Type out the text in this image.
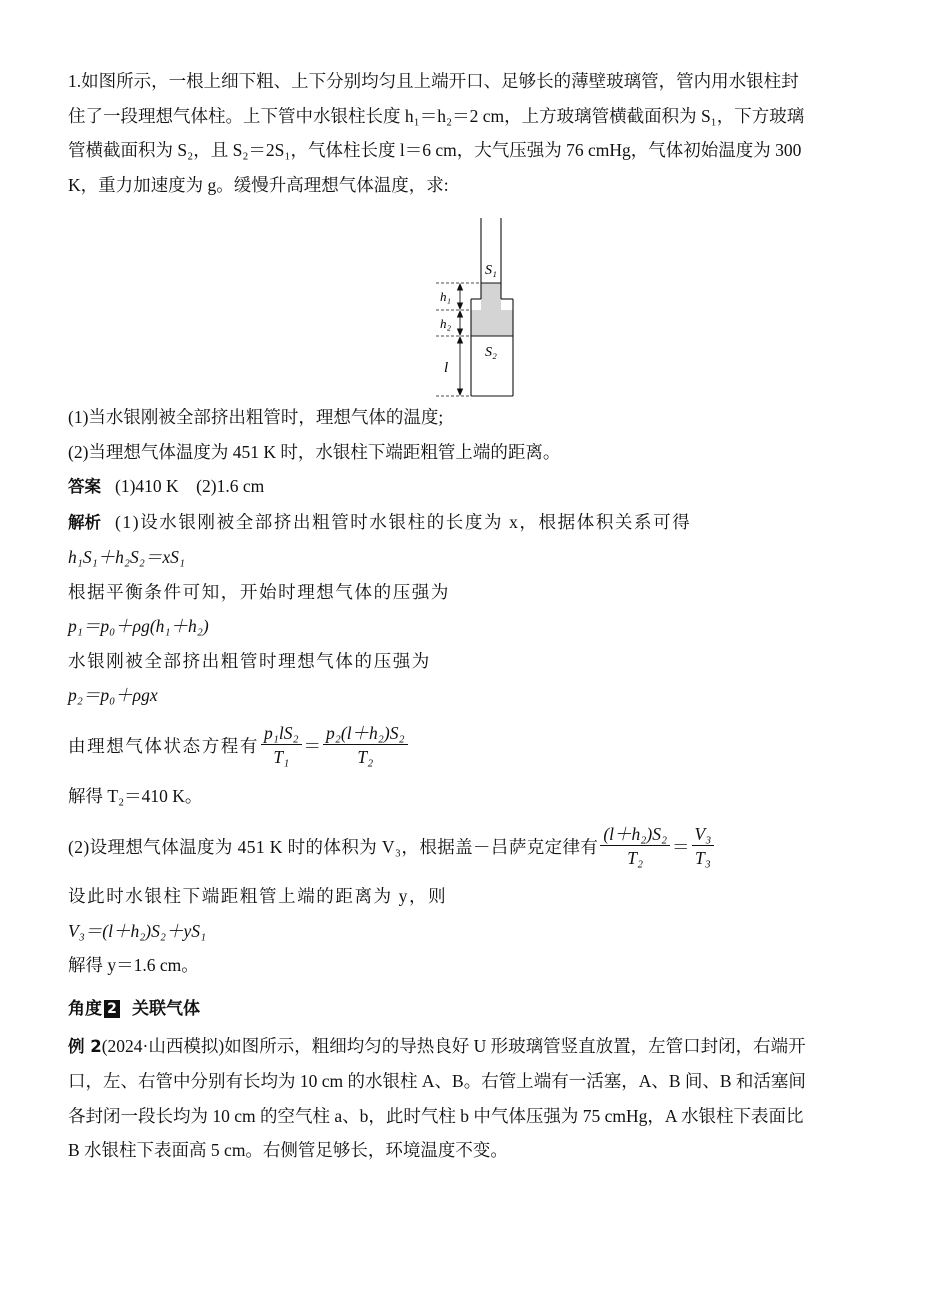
1.如图所示，一根上细下粗、上下分别均匀且上端开口、足够长的薄壁玻璃管，管内用水银柱封
住了一段理想气体柱。上下管中水银柱长度 h₁＝h₂＝2 cm，上方玻璃管横截面积为 S₁，下方玻璃
管横截面积为 S₂，且 S₂＝2S₁，气体柱长度 l＝6 cm，大气压强为 76 cmHg，气体初始温度为 300
K，重力加速度为 g。缓慢升高理想气体温度，求:
S₁
h₁
h₂
S₂
l
(1)当水银刚被全部挤出粗管时，理想气体的温度;
(2)当理想气体温度为 451 K 时，水银柱下端距粗管上端的距离。
答案 (1)410 K　(2)1.6 cm
解析 (1)设水银刚被全部挤出粗管时水银柱的长度为 x，根据体积关系可得
h₁S₁＋h₂S₂＝xS₁
根据平衡条件可知，开始时理想气体的压强为
p₁＝p₀＋ρg(h₁＋h₂)
水银刚被全部挤出粗管时理想气体的压强为
p₂＝p₀＋ρgx
由理想气体状态方程有 $\frac{\text{p₁lS₂}}{\text{T₁}} = \frac{\text{p₂(l＋h₂)S₂}}{\text{T₂}}$
解得 T₂＝410 K。
(2)设理想气体温度为 451 K 时的体积为 V₃，根据盖－吕萨克定律有 $\frac{\text{(l＋h₂)S₂}}{\text{T₂}} = \frac{\text{V₃}}{\text{T₃}}$
设此时水银柱下端距粗管上端的距离为 y，则
V₃＝(l＋h₂)S₂＋yS₁
解得 y＝1.6 cm。
角度 2 关联气体
例 2(2024·山西模拟)如图所示，粗细均匀的导热良好 U 形玻璃管竖直放置，左管口封闭，右端开
口，左、右管中分别有长均为 10 cm 的水银柱 A、B。右管上端有一活塞，A、B 间、B 和活塞间
各封闭一段长均为 10 cm 的空气柱 a、b，此时气柱 b 中气体压强为 75 cmHg，A 水银柱下表面比
B 水银柱下表面高 5 cm。右侧管足够长，环境温度不变。
